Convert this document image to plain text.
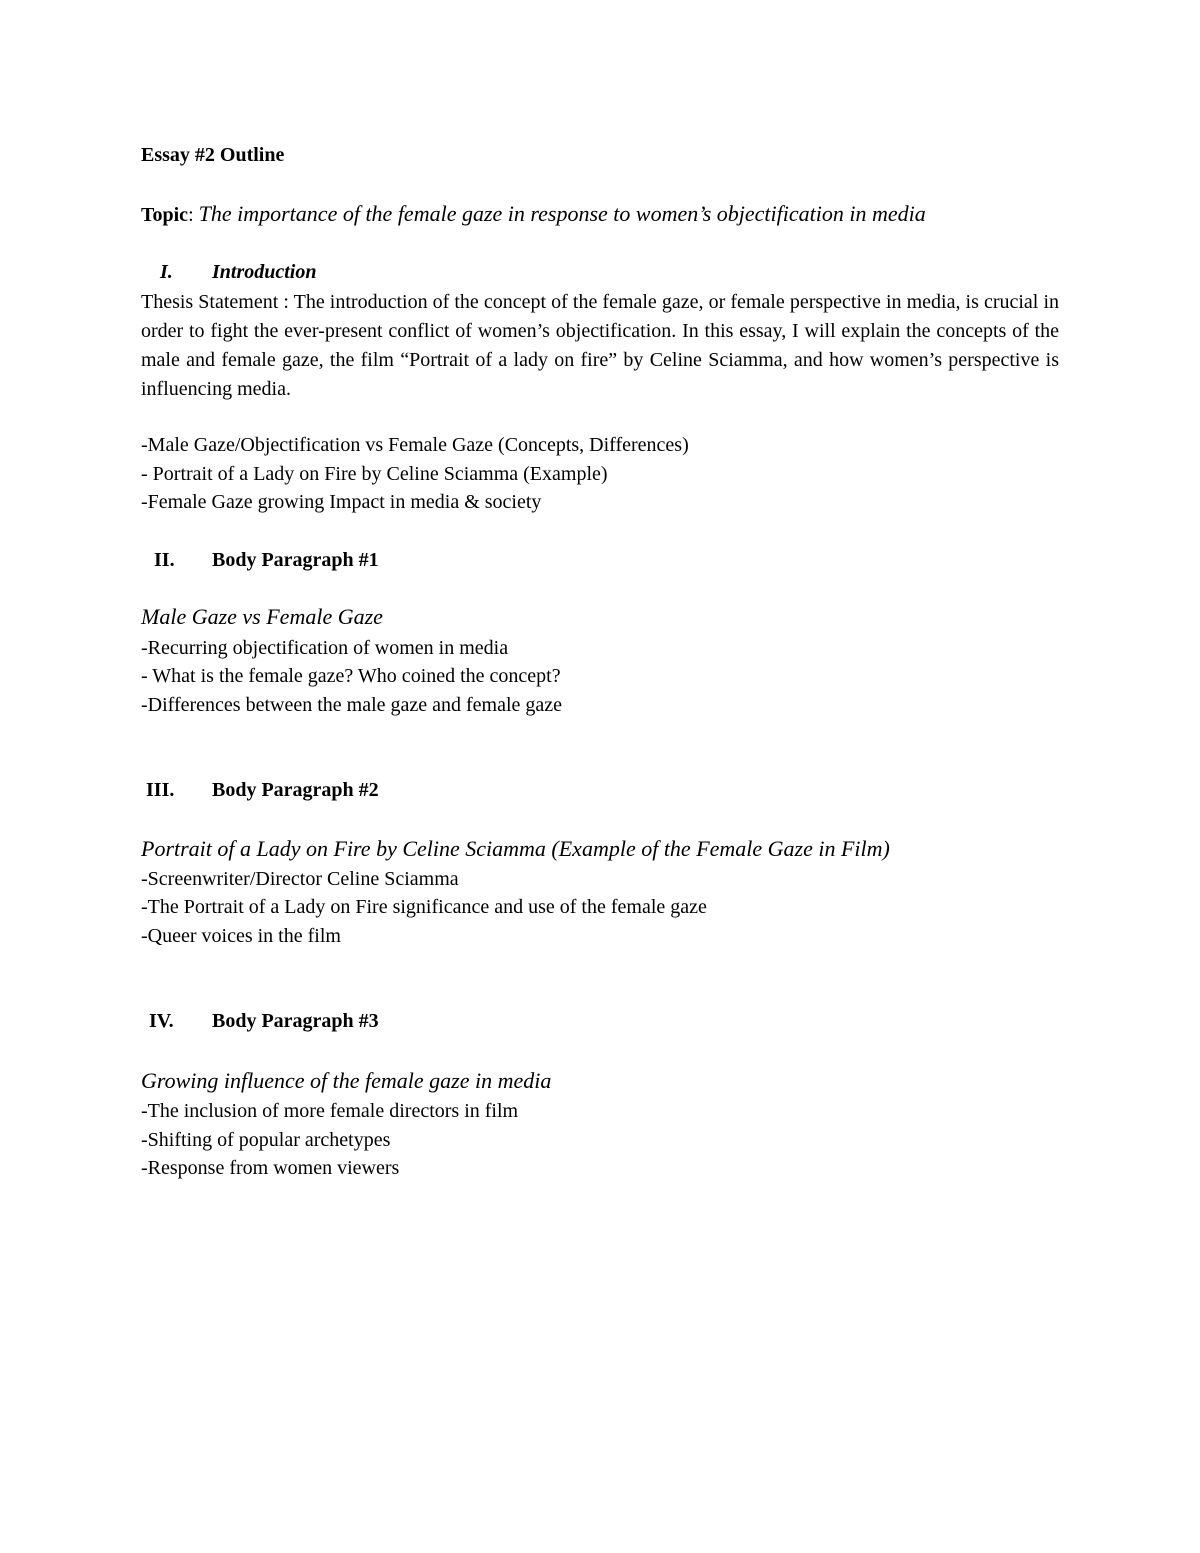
Essay #2 Outline
Topic: The importance of the female gaze in response to women’s objectification in media
I.	Introduction
Thesis Statement : The introduction of the concept of the female gaze, or female perspective in media, is crucial in order to fight the ever-present conflict of women’s objectification. In this essay, I will explain the concepts of the male and female gaze, the film “Portrait of a lady on fire” by Celine Sciamma, and how women’s perspective is influencing media.
-Male Gaze/Objectification vs Female Gaze (Concepts, Differences)
- Portrait of a Lady on Fire by Celine Sciamma (Example)
-Female Gaze growing Impact in media & society
II.	Body Paragraph #1
Male Gaze vs Female Gaze
-Recurring objectification of women in media
- What is the female gaze? Who coined the concept?
-Differences between the male gaze and female gaze
III.	Body Paragraph #2
Portrait of a Lady on Fire by Celine Sciamma (Example of the Female Gaze in Film)
-Screenwriter/Director Celine Sciamma
-The Portrait of a Lady on Fire significance and use of the female gaze
-Queer voices in the film
IV.	Body Paragraph #3
Growing influence of the female gaze in media
-The inclusion of more female directors in film
-Shifting of popular archetypes
-Response from women viewers
